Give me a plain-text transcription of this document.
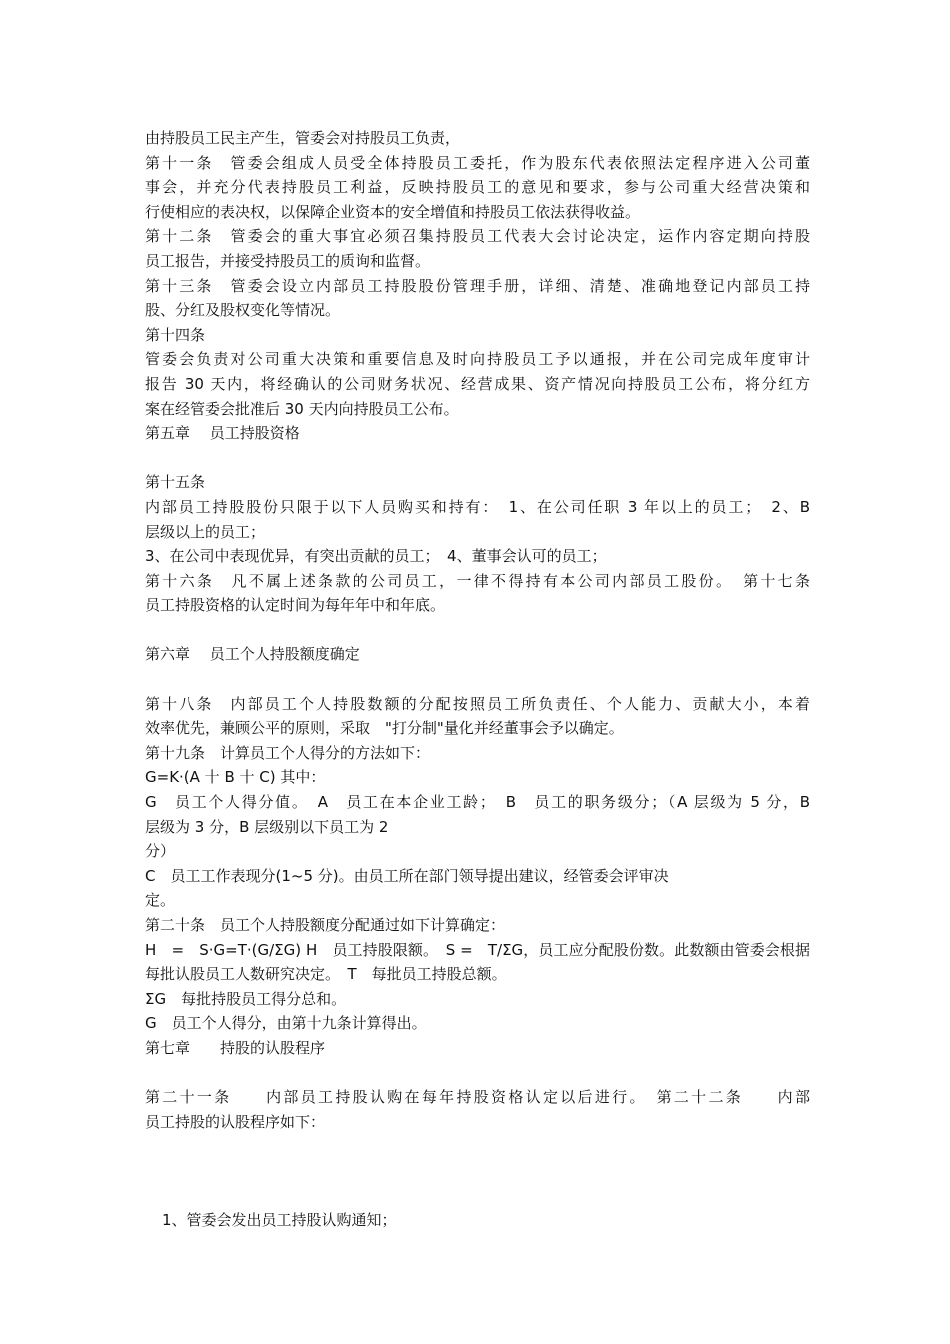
由持股员工民主产生，管委会对持股员工负责，
第十一条　管委会组成人员受全体持股员工委托，作为股东代表依照法定程序进入公司董
事会，并充分代表持股员工利益，反映持股员工的意见和要求，参与公司重大经营决策和
行使相应的表决权，以保障企业资本的安全增值和持股员工依法获得收益。
第十二条　管委会的重大事宜必须召集持股员工代表大会讨论决定，运作内容定期向持股
员工报告，并接受持股员工的质询和监督。
第十三条　管委会设立内部员工持股股份管理手册，详细、清楚、准确地登记内部员工持
股、分红及股权变化等情况。
第十四条
管委会负责对公司重大决策和重要信息及时向持股员工予以通报，并在公司完成年度审计
报告 30 天内，将经确认的公司财务状况、经营成果、资产情况向持股员工公布，将分红方
案在经管委会批准后 30 天内向持股员工公布。
第五章　 员工持股资格
第十五条
内部员工持股股份只限于以下人员购买和持有：　1、在公司任职 3 年以上的员工；　2、B
层级以上的员工；
3、在公司中表现优异，有突出贡献的员工；　4、董事会认可的员工；
第十六条　凡不属上述条款的公司员工，一律不得持有本公司内部员工股份。　第十七条
员工持股资格的认定时间为每年年中和年底。
第六章　 员工个人持股额度确定
第十八条　内部员工个人持股数额的分配按照员工所负责任、个人能力、贡献大小，本着
效率优先，兼顾公平的原则，采取　"打分制"量化并经董事会予以确定。
第十九条　计算员工个人得分的方法如下：
G=K·(A 十 B 十 C) 其中：
G　员工个人得分值。　A　员工在本企业工龄；　B　员工的职务级分；（A 层级为 5 分，B
层级为 3 分，B 层级别以下员工为 2
分）
C　员工工作表现分(1~5 分)。由员工所在部门领导提出建议，经管委会评审决
定。
第二十条　员工个人持股额度分配通过如下计算确定：
H　=　S·G=T·(G/ΣG) H　员工持股限额。　S =　T/ΣG，员工应分配股份数。此数额由管委会根据
每批认股员工人数研究决定。　T　每批员工持股总额。
ΣG　每批持股员工得分总和。
G　员工个人得分，由第十九条计算得出。
第七章　　持股的认股程序
第二十一条　　内部员工持股认购在每年持股资格认定以后进行。　第二十二条　　内部
员工持股的认股程序如下：
1、管委会发出员工持股认购通知；
